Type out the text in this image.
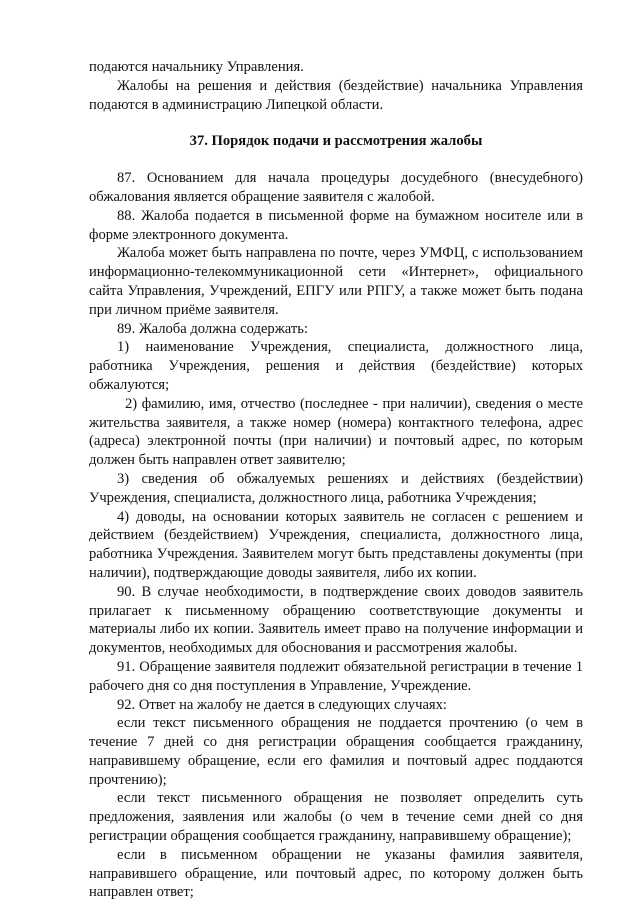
подаются начальнику Управления.

Жалобы на решения и действия (бездействие) начальника Управления подаются в администрацию Липецкой области.

37. Порядок подачи и рассмотрения жалобы

87. Основанием для начала процедуры досудебного (внесудебного) обжалования является обращение заявителя с жалобой.

88. Жалоба подается в письменной форме на бумажном носителе или в форме электронного документа.

Жалоба может быть направлена по почте, через УМФЦ, с использованием информационно-телекоммуникационной сети «Интернет», официального сайта Управления, Учреждений, ЕПГУ или РПГУ, а также может быть подана при личном приёме заявителя.

89. Жалоба должна содержать:

1) наименование Учреждения, специалиста, должностного лица, работника Учреждения, решения и действия (бездействие) которых обжалуются;

2) фамилию, имя, отчество (последнее - при наличии), сведения о месте жительства заявителя, а также номер (номера) контактного телефона, адрес (адреса) электронной почты (при наличии) и почтовый адрес, по которым должен быть направлен ответ заявителю;

3) сведения об обжалуемых решениях и действиях (бездействии) Учреждения, специалиста, должностного лица, работника Учреждения;

4) доводы, на основании которых заявитель не согласен с решением и действием (бездействием) Учреждения, специалиста, должностного лица, работника Учреждения. Заявителем могут быть представлены документы (при наличии), подтверждающие доводы заявителя, либо их копии.

90. В случае необходимости, в подтверждение своих доводов заявитель прилагает к письменному обращению соответствующие документы и материалы либо их копии. Заявитель имеет право на получение информации и документов, необходимых для обоснования и рассмотрения жалобы.

91. Обращение заявителя подлежит обязательной регистрации в течение 1 рабочего дня со дня поступления в Управление, Учреждение.

92. Ответ на жалобу не дается в следующих случаях:

если текст письменного обращения не поддается прочтению (о чем в течение 7 дней со дня регистрации обращения сообщается гражданину, направившему обращение, если его фамилия и почтовый адрес поддаются прочтению);

если текст письменного обращения не позволяет определить суть предложения, заявления или жалобы (о чем в течение семи дней со дня регистрации обращения сообщается гражданину, направившему обращение);

если в письменном обращении не указаны фамилия заявителя, направившего обращение, или почтовый адрес, по которому должен быть направлен ответ;
